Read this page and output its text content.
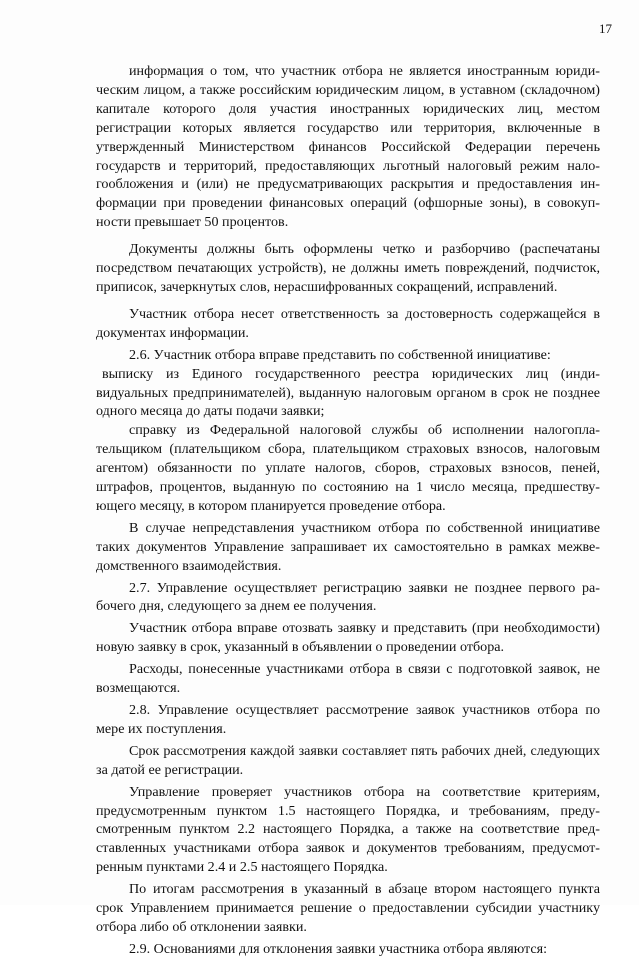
17

информация о том, что участник отбора не является иностранным юридическим лицом, а также российским юридическим лицом, в уставном (складочном) капитале которого доля участия иностранных юридических лиц, местом регистрации которых является государство или территория, включенные в утвержденный Министерством финансов Российской Федерации перечень государств и территорий, предоставляющих льготный налоговый режим налогообложения и (или) не предусматривающих раскрытия и предоставления информации при проведении финансовых операций (офшорные зоны), в совокупности превышает 50 процентов.

Документы должны быть оформлены четко и разборчиво (распечатаны посредством печатающих устройств), не должны иметь повреждений, подчисток, приписок, зачеркнутых слов, нерасшифрованных сокращений, исправлений.

Участник отбора несет ответственность за достоверность содержащейся в документах информации.

2.6. Участник отбора вправе представить по собственной инициативе:

выписку из Единого государственного реестра юридических лиц (индивидуальных предпринимателей), выданную налоговым органом в срок не позднее одного месяца до даты подачи заявки;

справку из Федеральной налоговой службы об исполнении налогоплательщиком (плательщиком сбора, плательщиком страховых взносов, налоговым агентом) обязанности по уплате налогов, сборов, страховых взносов, пеней, штрафов, процентов, выданную по состоянию на 1 число месяца, предшествующего месяцу, в котором планируется проведение отбора.

В случае непредставления участником отбора по собственной инициативе таких документов Управление запрашивает их самостоятельно в рамках межведомственного взаимодействия.

2.7. Управление осуществляет регистрацию заявки не позднее первого рабочего дня, следующего за днем ее получения.

Участник отбора вправе отозвать заявку и представить (при необходимости) новую заявку в срок, указанный в объявлении о проведении отбора.

Расходы, понесенные участниками отбора в связи с подготовкой заявок, не возмещаются.

2.8. Управление осуществляет рассмотрение заявок участников отбора по мере их поступления.

Срок рассмотрения каждой заявки составляет пять рабочих дней, следующих за датой ее регистрации.

Управление проверяет участников отбора на соответствие критериям, предусмотренным пунктом 1.5 настоящего Порядка, и требованиям, предусмотренным пунктом 2.2 настоящего Порядка, а также на соответствие представленных участниками отбора заявок и документов требованиям, предусмотренным пунктами 2.4 и 2.5 настоящего Порядка.

По итогам рассмотрения в указанный в абзаце втором настоящего пункта срок Управлением принимается решение о предоставлении субсидии участнику отбора либо об отклонении заявки.

2.9. Основаниями для отклонения заявки участника отбора являются:
